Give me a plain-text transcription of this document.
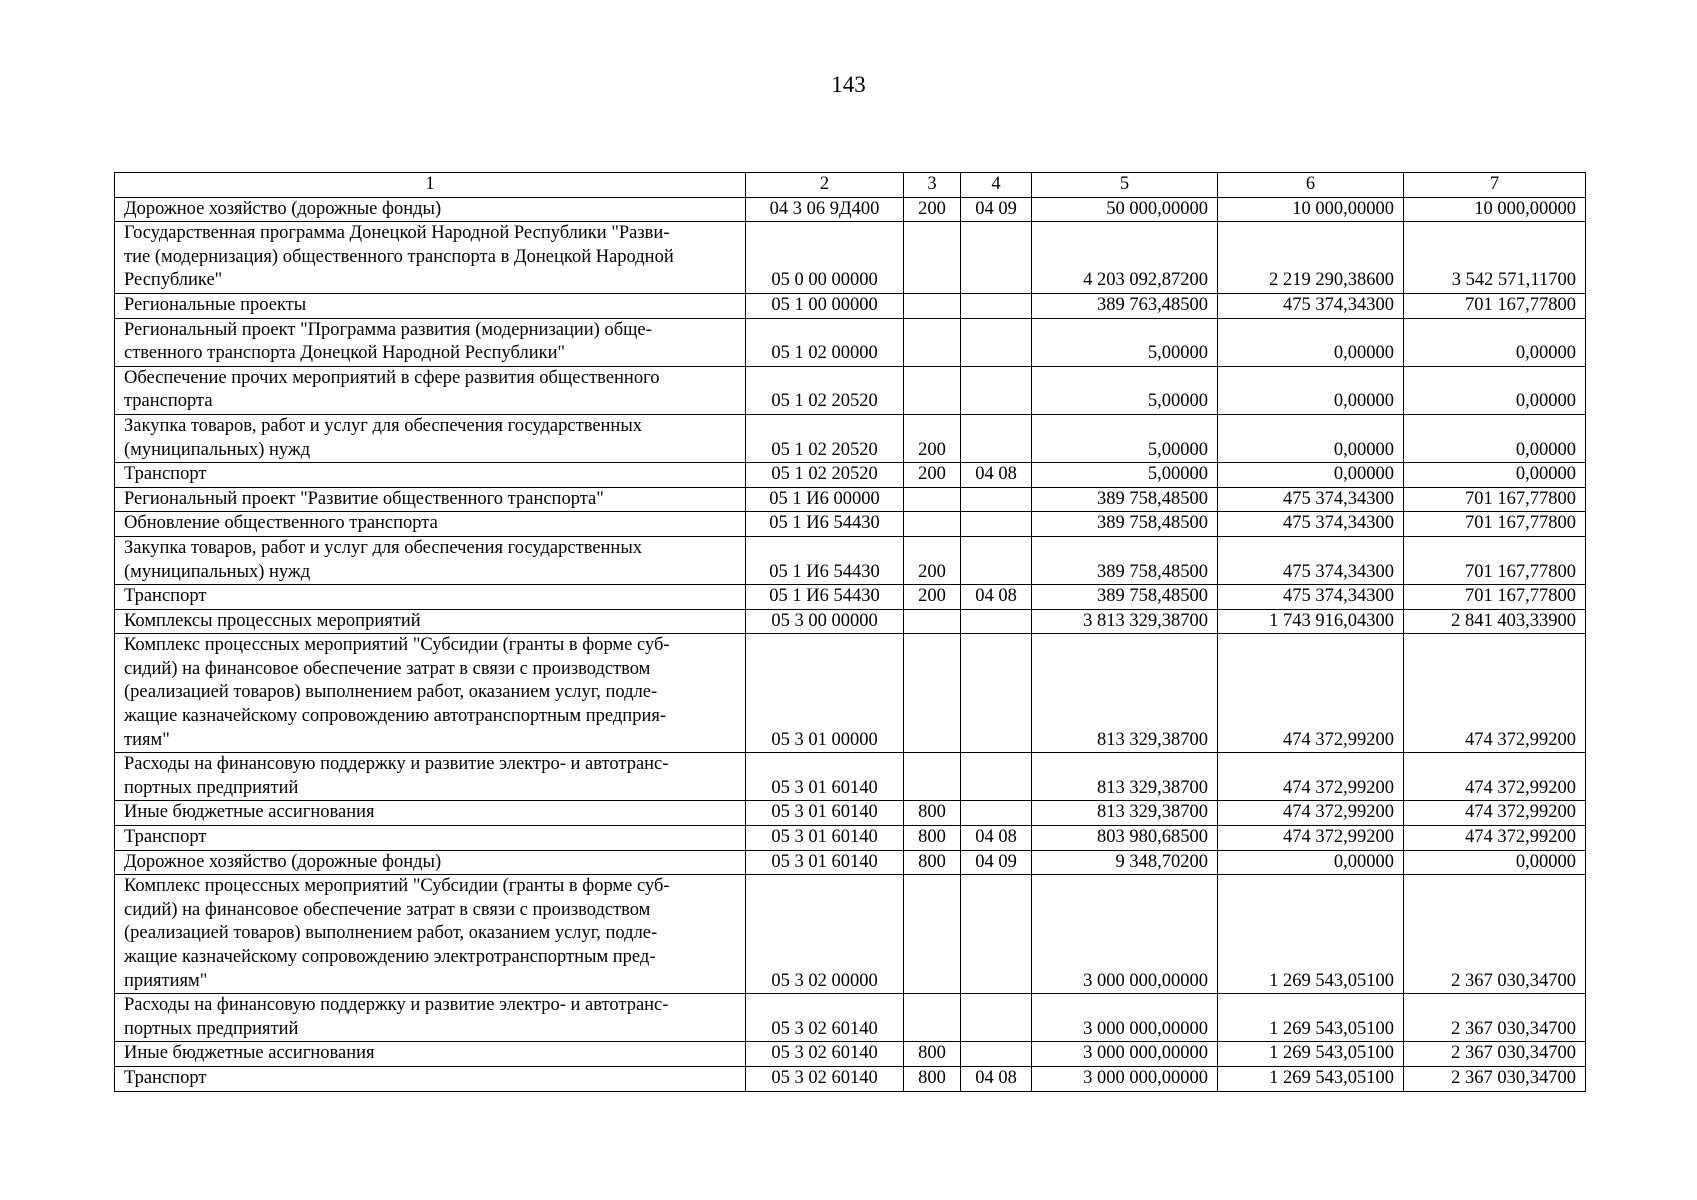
143
1	2	3	4	5	6	7
Дорожное хозяйство (дорожные фонды)	04 3 06 9Д400	200	04 09	50 000,00000	10 000,00000	10 000,00000
Государственная программа Донецкой Народной Республики "Разви-
тие (модернизация) общественного транспорта в Донецкой Народной
Республике"	05 0 00 00000			4 203 092,87200	2 219 290,38600	3 542 571,11700
Региональные проекты	05 1 00 00000			389 763,48500	475 374,34300	701 167,77800
Региональный проект "Программа развития (модернизации) обще-
ственного транспорта Донецкой Народной Республики"	05 1 02 00000			5,00000	0,00000	0,00000
Обеспечение прочих мероприятий в сфере развития общественного
транспорта	05 1 02 20520			5,00000	0,00000	0,00000
Закупка товаров, работ и услуг для обеспечения государственных
(муниципальных) нужд	05 1 02 20520	200		5,00000	0,00000	0,00000
Транспорт	05 1 02 20520	200	04 08	5,00000	0,00000	0,00000
Региональный проект "Развитие общественного транспорта"	05 1 И6 00000			389 758,48500	475 374,34300	701 167,77800
Обновление общественного транспорта	05 1 И6 54430			389 758,48500	475 374,34300	701 167,77800
Закупка товаров, работ и услуг для обеспечения государственных
(муниципальных) нужд	05 1 И6 54430	200		389 758,48500	475 374,34300	701 167,77800
Транспорт	05 1 И6 54430	200	04 08	389 758,48500	475 374,34300	701 167,77800
Комплексы процессных мероприятий	05 3 00 00000			3 813 329,38700	1 743 916,04300	2 841 403,33900
Комплекс процессных мероприятий "Субсидии (гранты в форме суб-
сидий) на финансовое обеспечение затрат в связи с производством
(реализацией товаров) выполнением работ, оказанием услуг, подле-
жащие казначейскому сопровождению автотранспортным предприя-
тиям"	05 3 01 00000			813 329,38700	474 372,99200	474 372,99200
Расходы на финансовую поддержку и развитие электро- и автотранс-
портных предприятий	05 3 01 60140			813 329,38700	474 372,99200	474 372,99200
Иные бюджетные ассигнования	05 3 01 60140	800		813 329,38700	474 372,99200	474 372,99200
Транспорт	05 3 01 60140	800	04 08	803 980,68500	474 372,99200	474 372,99200
Дорожное хозяйство (дорожные фонды)	05 3 01 60140	800	04 09	9 348,70200	0,00000	0,00000
Комплекс процессных мероприятий "Субсидии (гранты в форме суб-
сидий) на финансовое обеспечение затрат в связи с производством
(реализацией товаров) выполнением работ, оказанием услуг, подле-
жащие казначейскому сопровождению электротранспортным пред-
приятиям"	05 3 02 00000			3 000 000,00000	1 269 543,05100	2 367 030,34700
Расходы на финансовую поддержку и развитие электро- и автотранс-
портных предприятий	05 3 02 60140			3 000 000,00000	1 269 543,05100	2 367 030,34700
Иные бюджетные ассигнования	05 3 02 60140	800		3 000 000,00000	1 269 543,05100	2 367 030,34700
Транспорт	05 3 02 60140	800	04 08	3 000 000,00000	1 269 543,05100	2 367 030,34700
